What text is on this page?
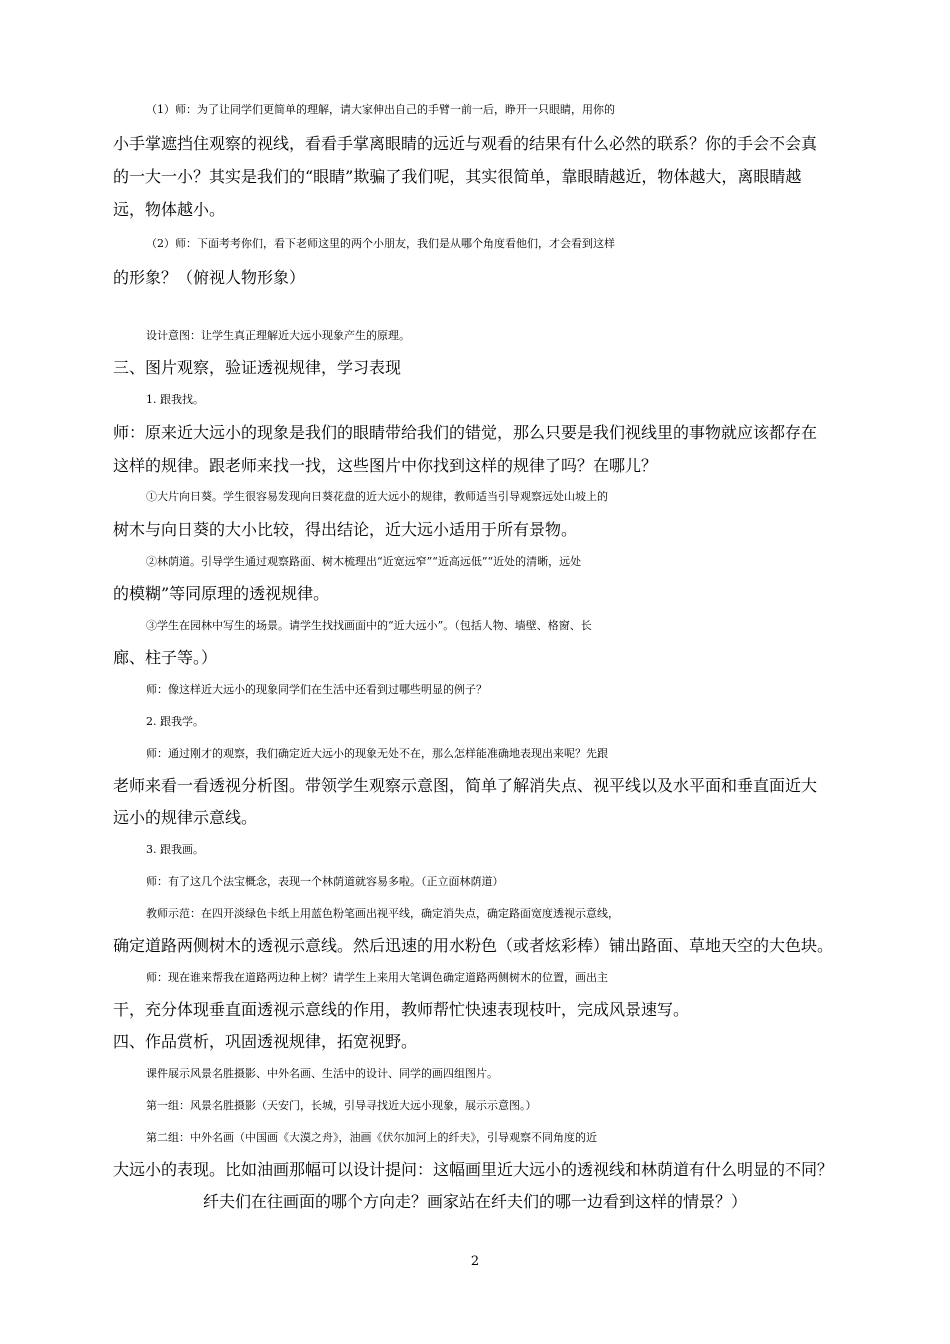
（1）师：为了让同学们更简单的理解，请大家伸出自己的手臂一前一后，睁开一只眼睛，用你的
小手掌遮挡住观察的视线，看看手掌离眼睛的远近与观看的结果有什么必然的联系？你的手会不会真
的一大一小？其实是我们的“眼睛”欺骗了我们呢，其实很简单，靠眼睛越近，物体越大，离眼睛越
远，物体越小。
（2）师：下面考考你们，看下老师这里的两个小朋友，我们是从哪个角度看他们，才会看到这样
的形象？（俯视人物形象）
设计意图：让学生真正理解近大远小现象产生的原理。
三、图片观察，验证透视规律，学习表现
1. 跟我找。
师：原来近大远小的现象是我们的眼睛带给我们的错觉，那么只要是我们视线里的事物就应该都存在
这样的规律。跟老师来找一找，这些图片中你找到这样的规律了吗？在哪儿？
①大片向日葵。学生很容易发现向日葵花盘的近大远小的规律，教师适当引导观察远处山坡上的
树木与向日葵的大小比较，得出结论，近大远小适用于所有景物。
②林荫道。引导学生通过观察路面、树木梳理出“近宽远窄”“近高远低”“近处的清晰，远处
的模糊”等同原理的透视规律。
③学生在园林中写生的场景。请学生找找画面中的“近大远小”。（包括人物、墙壁、格窗、长
廊、柱子等。）
师：像这样近大远小的现象同学们在生活中还看到过哪些明显的例子？
2. 跟我学。
师：通过刚才的观察，我们确定近大远小的现象无处不在，那么怎样能准确地表现出来呢？先跟
老师来看一看透视分析图。带领学生观察示意图，简单了解消失点、视平线以及水平面和垂直面近大
远小的规律示意线。
3. 跟我画。
师：有了这几个法宝概念，表现一个林荫道就容易多啦。（正立面林荫道）
教师示范：在四开淡绿色卡纸上用蓝色粉笔画出视平线，确定消失点，确定路面宽度透视示意线，
确定道路两侧树木的透视示意线。然后迅速的用水粉色（或者炫彩棒）铺出路面、草地天空的大色块。
师：现在谁来帮我在道路两边种上树？请学生上来用大笔调色确定道路两侧树木的位置，画出主
干，充分体现垂直面透视示意线的作用，教师帮忙快速表现枝叶，完成风景速写。
四、作品赏析，巩固透视规律，拓宽视野。
课件展示风景名胜摄影、中外名画、生活中的设计、同学的画四组图片。
第一组：风景名胜摄影（天安门，长城，引导寻找近大远小现象，展示示意图。）
第二组：中外名画（中国画《大漠之舟》，油画《伏尔加河上的纤夫》，引导观察不同角度的近
大远小的表现。比如油画那幅可以设计提问：这幅画里近大远小的透视线和林荫道有什么明显的不同？
纤夫们在往画面的哪个方向走？画家站在纤夫们的哪一边看到这样的情景？）
2
